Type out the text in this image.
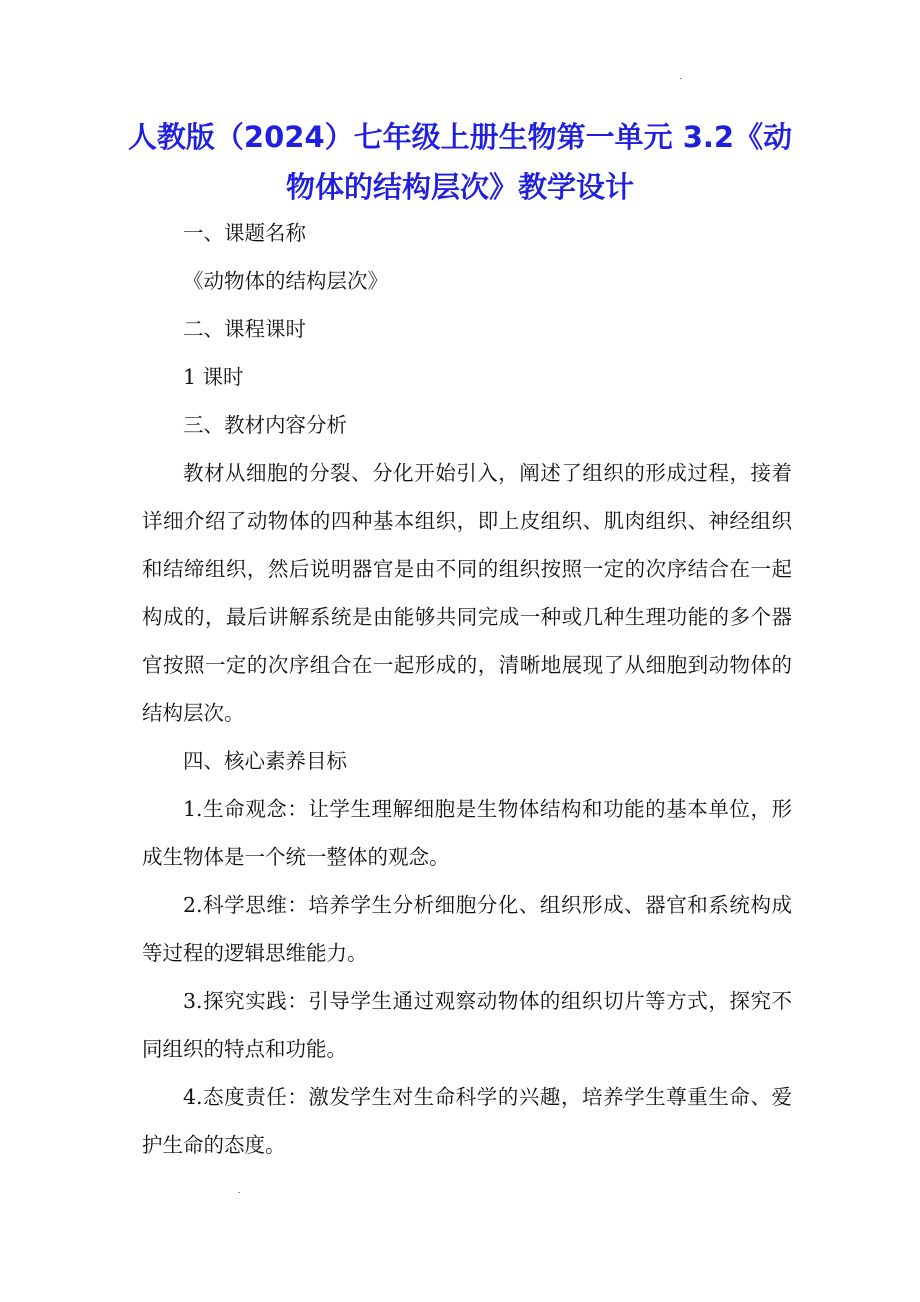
人教版（2024）七年级上册生物第一单元 3.2《动物体的结构层次》教学设计

一、课题名称

《动物体的结构层次》

二、课程课时

1 课时

三、教材内容分析

教材从细胞的分裂、分化开始引入，阐述了组织的形成过程，接着详细介绍了动物体的四种基本组织，即上皮组织、肌肉组织、神经组织和结缔组织，然后说明器官是由不同的组织按照一定的次序结合在一起构成的，最后讲解系统是由能够共同完成一种或几种生理功能的多个器官按照一定的次序组合在一起形成的，清晰地展现了从细胞到动物体的结构层次。

四、核心素养目标

1.生命观念：让学生理解细胞是生物体结构和功能的基本单位，形成生物体是一个统一整体的观念。

2.科学思维：培养学生分析细胞分化、组织形成、器官和系统构成等过程的逻辑思维能力。

3.探究实践：引导学生通过观察动物体的组织切片等方式，探究不同组织的特点和功能。

4.态度责任：激发学生对生命科学的兴趣，培养学生尊重生命、爱护生命的态度。
